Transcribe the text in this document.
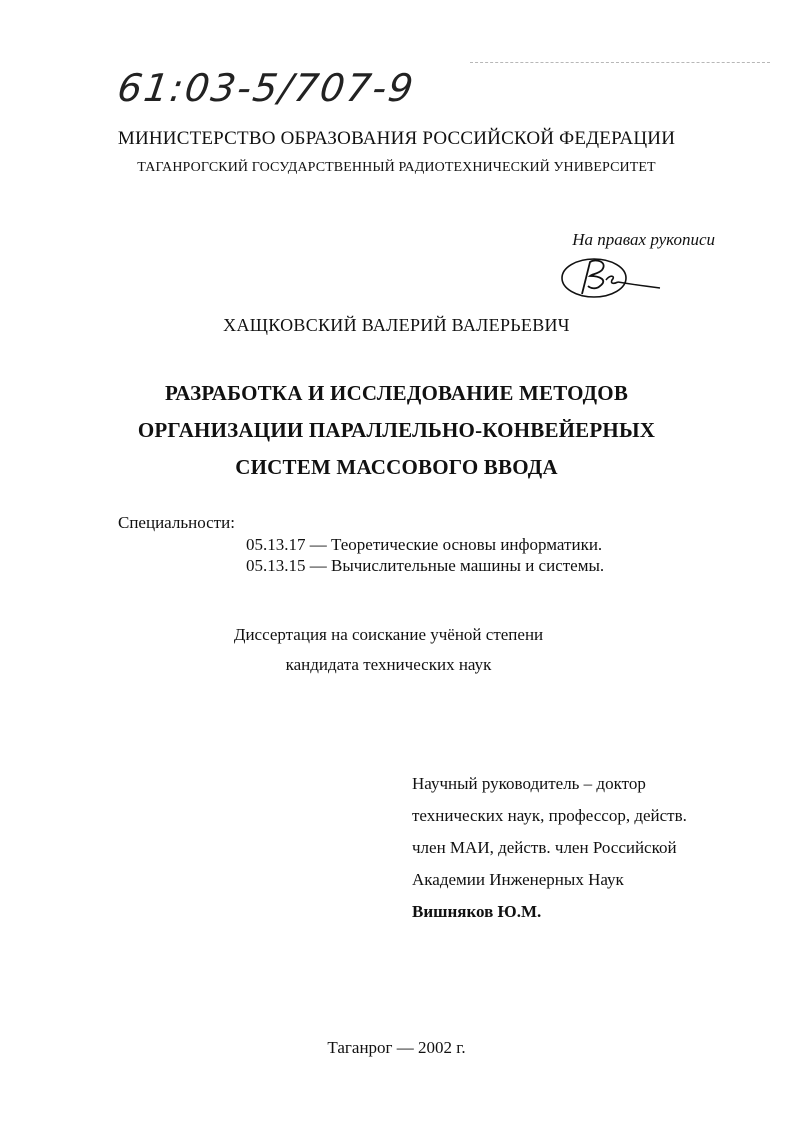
61:03-5/707-9
МИНИСТЕРСТВО ОБРАЗОВАНИЯ РОССИЙСКОЙ ФЕДЕРАЦИИ
ТАГАНРОГСКИЙ ГОСУДАРСТВЕННЫЙ РАДИОТЕХНИЧЕСКИЙ УНИВЕРСИТЕТ
На правах рукописи
ХАЩКОВСКИЙ ВАЛЕРИЙ ВАЛЕРЬЕВИЧ
РАЗРАБОТКА И ИССЛЕДОВАНИЕ МЕТОДОВ
ОРГАНИЗАЦИИ ПАРАЛЛЕЛЬНО-КОНВЕЙЕРНЫХ
СИСТЕМ МАССОВОГО ВВОДА
Специальности:
05.13.17 — Теоретические основы информатики.
05.13.15 — Вычислительные машины и системы.
Диссертация на соискание учёной степени
кандидата технических наук
Научный руководитель – доктор
технических наук, профессор, действ.
член МАИ, действ. член Российской
Академии Инженерных Наук
Вишняков Ю.М.
Таганрог — 2002 г.
